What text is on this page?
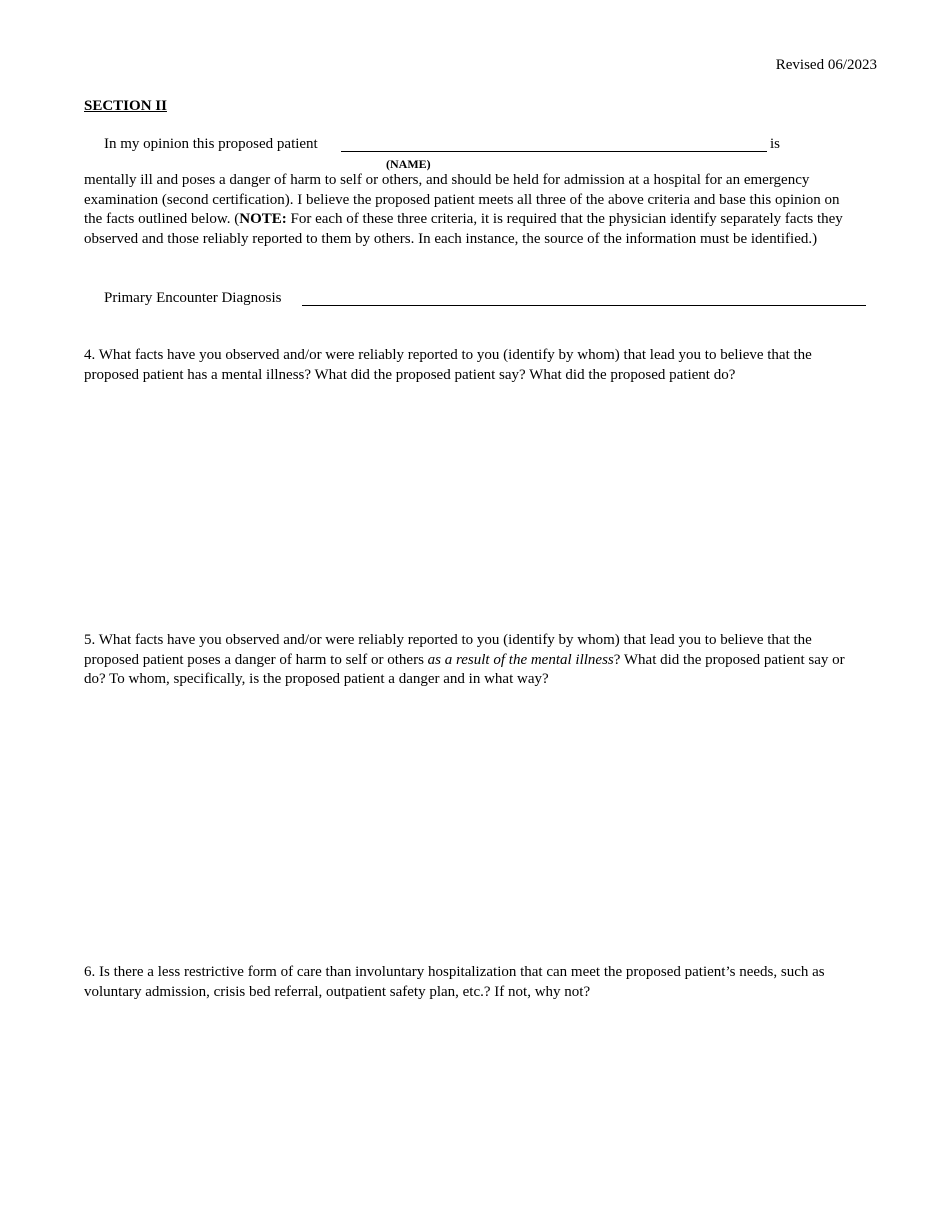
Revised 06/2023
SECTION II
In my opinion this proposed patient	is
(NAME)
mentally ill and poses a danger of harm to self or others, and should be held for admission at a hospital for an emergency examination (second certification). I believe the proposed patient meets all three of the above criteria and base this opinion on the facts outlined below. (NOTE: For each of these three criteria, it is required that the physician identify separately facts they observed and those reliably reported to them by others. In each instance, the source of the information must be identified.)
Primary Encounter Diagnosis
4. What facts have you observed and/or were reliably reported to you (identify by whom) that lead you to believe that the proposed patient has a mental illness? What did the proposed patient say? What did the proposed patient do?
5. What facts have you observed and/or were reliably reported to you (identify by whom) that lead you to believe that the proposed patient poses a danger of harm to self or others as a result of the mental illness? What did the proposed patient say or do? To whom, specifically, is the proposed patient a danger and in what way?
6. Is there a less restrictive form of care than involuntary hospitalization that can meet the proposed patient’s needs, such as voluntary admission, crisis bed referral, outpatient safety plan, etc.? If not, why not?
